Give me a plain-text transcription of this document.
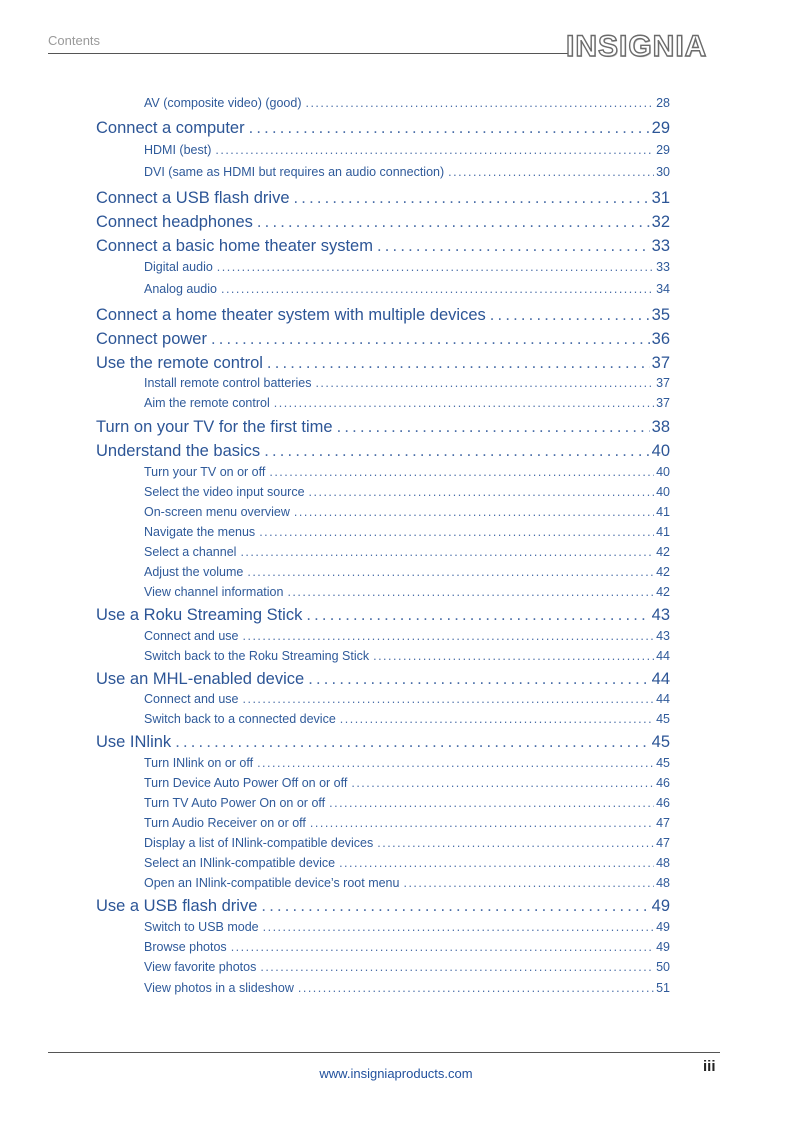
Contents	INSIGNIA
AV (composite video) (good) .....	28
Connect a computer .....	29
HDMI (best) .....	29
DVI (same as HDMI but requires an audio connection) .....	30
Connect a USB flash drive .....	31
Connect headphones .....	32
Connect a basic home theater system .....	33
Digital audio .....	33
Analog audio .....	34
Connect a home theater system with multiple devices .....	35
Connect power .....	36
Use the remote control .....	37
Install remote control batteries .....	37
Aim the remote control .....	37
Turn on your TV for the first time .....	38
Understand the basics .....	40
Turn your TV on or off .....	40
Select the video input source .....	40
On-screen menu overview .....	41
Navigate the menus .....	41
Select a channel .....	42
Adjust the volume .....	42
View channel information .....	42
Use a Roku Streaming Stick .....	43
Connect and use .....	43
Switch back to the Roku Streaming Stick .....	44
Use an MHL-enabled device .....	44
Connect and use .....	44
Switch back to a connected device .....	45
Use INlink .....	45
Turn INlink on or off .....	45
Turn Device Auto Power Off on or off .....	46
Turn TV Auto Power On on or off .....	46
Turn Audio Receiver on or off .....	47
Display a list of INlink-compatible devices .....	47
Select an INlink-compatible device .....	48
Open an INlink-compatible device’s root menu .....	48
Use a USB flash drive .....	49
Switch to USB mode .....	49
Browse photos .....	49
View favorite photos .....	50
View photos in a slideshow .....	51
www.insigniaproducts.com	iii
